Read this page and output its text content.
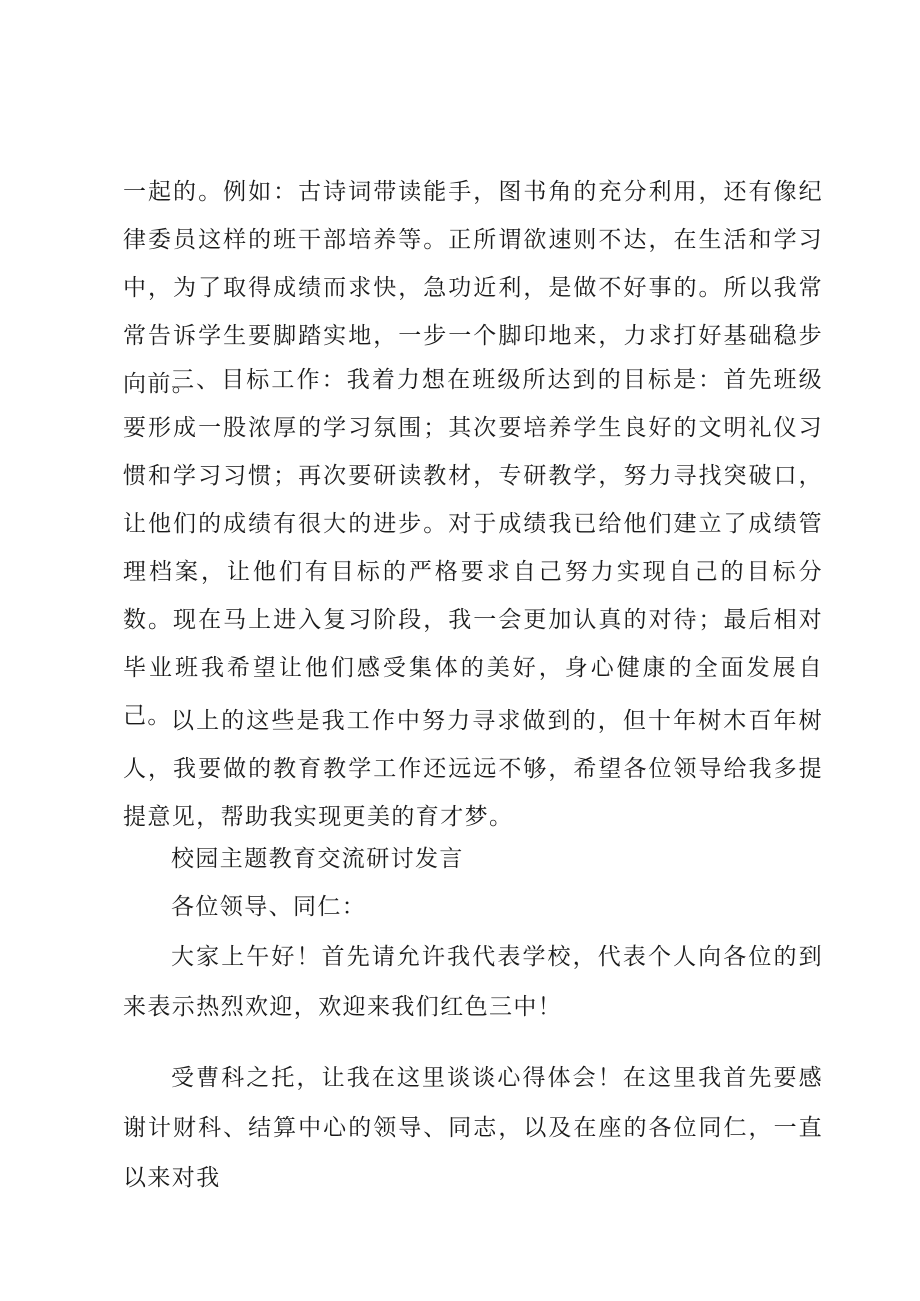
一起的。例如：古诗词带读能手，图书角的充分利用，还有像纪律委员这样的班干部培养等。正所谓欲速则不达，在生活和学习中，为了取得成绩而求快，急功近利，是做不好事的。所以我常常告诉学生要脚踏实地，一步一个脚印地来，力求打好基础稳步向前。

三、目标工作：我着力想在班级所达到的目标是：首先班级要形成一股浓厚的学习氛围；其次要培养学生良好的文明礼仪习惯和学习习惯；再次要研读教材，专研教学，努力寻找突破口，让他们的成绩有很大的进步。对于成绩我已给他们建立了成绩管理档案，让他们有目标的严格要求自己努力实现自己的目标分数。现在马上进入复习阶段，我一会更加认真的对待；最后相对毕业班我希望让他们感受集体的美好，身心健康的全面发展自己。 以上的这些是我工作中努力寻求做到的，但十年树木百年树人，我要做的教育教学工作还远远不够，希望各位领导给我多提提意见，帮助我实现更美的育才梦。

校园主题教育交流研讨发言

各位领导、同仁：

大家上午好！首先请允许我代表学校，代表个人向各位的到来表示热烈欢迎，欢迎来我们红色三中！

受曹科之托，让我在这里谈谈心得体会！在这里我首先要感谢计财科、结算中心的领导、同志，以及在座的各位同仁，一直以来对我
